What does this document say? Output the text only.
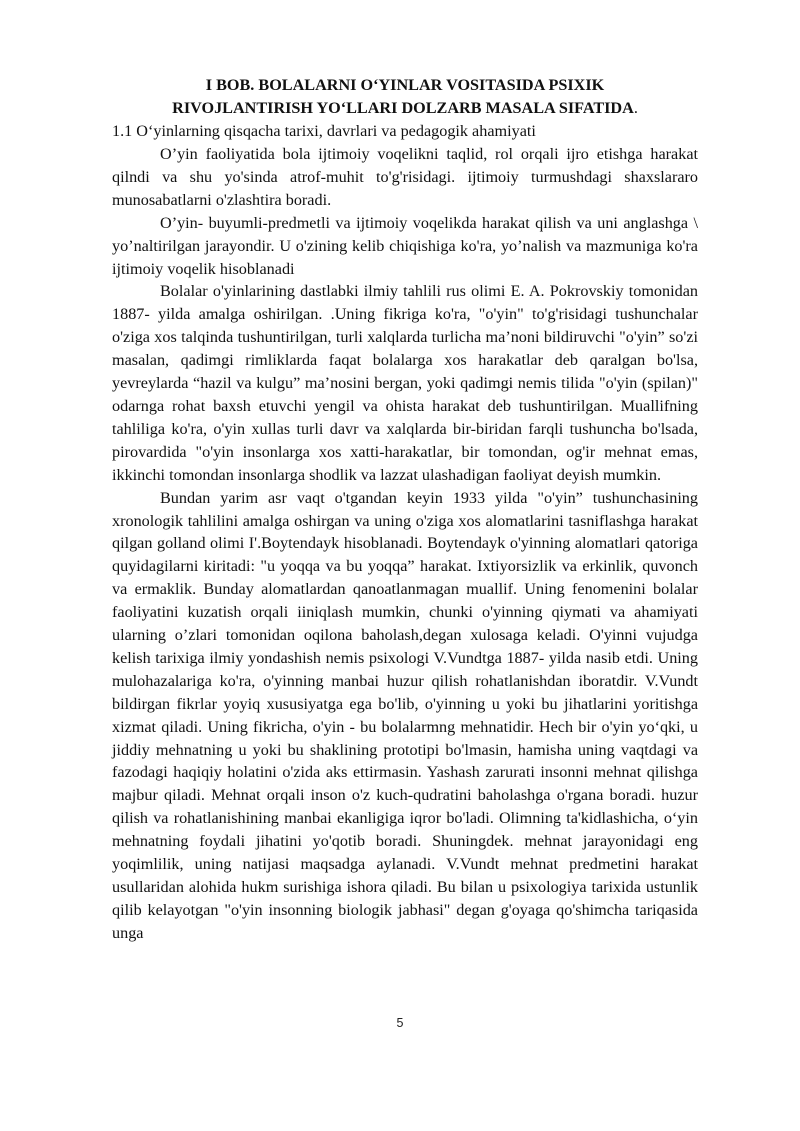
I BOB. BOLALARNI O‘YINLAR VOSITASIDA PSIXIK
RIVOJLANTIRISH YO‘LLARI DOLZARB MASALA SIFATIDA.

1.1 O‘yinlarning qisqacha tarixi, davrlari va pedagogik ahamiyati

O’yin faoliyatida bola ijtimoiy voqelikni taqlid, rol orqali ijro etishga harakat qilndi va shu yo'sinda atrof-muhit to'g'risidagi. ijtimoiy turmushdagi shaxslararo munosabatlarni o'zlashtira boradi.

O’yin- buyumli-predmetli va ijtimoiy voqelikda harakat qilish va uni anglashga \ yo’naltirilgan jarayondir. U o'zining kelib chiqishiga ko'ra, yo’nalish va mazmuniga ko'ra ijtimoiy voqelik hisoblanadi

Bolalar o'yinlarining dastlabki ilmiy tahlili rus olimi E. A. Pokrovskiy tomonidan 1887- yilda amalga oshirilgan. .Uning fikriga ko'ra, "o'yin" to'g'risidagi tushunchalar o'ziga xos talqinda tushuntirilgan, turli xalqlarda turlicha ma’noni bildiruvchi "o'yin” so'zi masalan, qadimgi rimliklarda faqat bolalarga xos harakatlar deb qaralgan bo'lsa, yevreylarda “hazil va kulgu” ma’nosini bergan, yoki qadimgi nemis tilida "o'yin (spilan)" odarnga rohat baxsh etuvchi yengil va ohista harakat deb tushuntirilgan. Muallifning tahliliga ko'ra, o'yin xullas turli davr va xalqlarda bir-biridan farqli tushuncha bo'lsada, pirovardida "o'yin insonlarga xos xatti-harakatlar, bir tomondan, og'ir mehnat emas, ikkinchi tomondan insonlarga shodlik va lazzat ulashadigan faoliyat deyish mumkin.

Bundan yarim asr vaqt o'tgandan keyin 1933 yilda "o'yin” tushunchasining xronologik tahlilini amalga oshirgan va uning o'ziga xos alomatlarini tasniflashga harakat qilgan golland olimi I'.Boytendayk hisoblanadi. Boytendayk o'yinning alomatlari qatoriga quyidagilarni kiritadi: "u yoqqa va bu yoqqa” harakat. Ixtiyorsizlik va erkinlik, quvonch va ermaklik. Bunday alomatlardan qanoatlanmagan muallif. Uning fenomenini bolalar faoliyatini kuzatish orqali iiniqlash mumkin, chunki o'yinning qiymati va ahamiyati ularning o’zlari tomonidan oqilona baholash,degan xulosaga keladi. O'yinni vujudga kelish tarixiga ilmiy yondashish nemis psixologi V.Vundtga 1887- yilda nasib etdi. Uning mulohazalariga ko'ra, o'yinning manbai huzur qilish rohatlanishdan iboratdir. V.Vundt bildirgan fikrlar yoyiq xususiyatga ega bo'lib, o'yinning u yoki bu jihatlarini yoritishga xizmat qiladi. Uning fikricha, o'yin - bu bolalarmng mehnatidir. Hech bir o'yin yo‘qki, u jiddiy mehnatning u yoki bu shaklining prototipi bo'lmasin, hamisha uning vaqtdagi va fazodagi haqiqiy holatini o'zida aks ettirmasin. Yashash zarurati insonni mehnat qilishga majbur qiladi. Mehnat orqali inson o'z kuch-qudratini baholashga o'rgana boradi. huzur qilish va rohatlanishining manbai ekanligiga iqror bo'ladi. Olimning ta'kidlashicha, o‘yin mehnatning foydali jihatini yo'qotib boradi. Shuningdek. mehnat jarayonidagi eng yoqimlilik, uning natijasi maqsadga aylanadi. V.Vundt mehnat predmetini harakat usullaridan alohida hukm surishiga ishora qiladi. Bu bilan u psixologiya tarixida ustunlik qilib kelayotgan "o'yin insonning biologik jabhasi" degan g'oyaga qo'shimcha tariqasida unga

5
